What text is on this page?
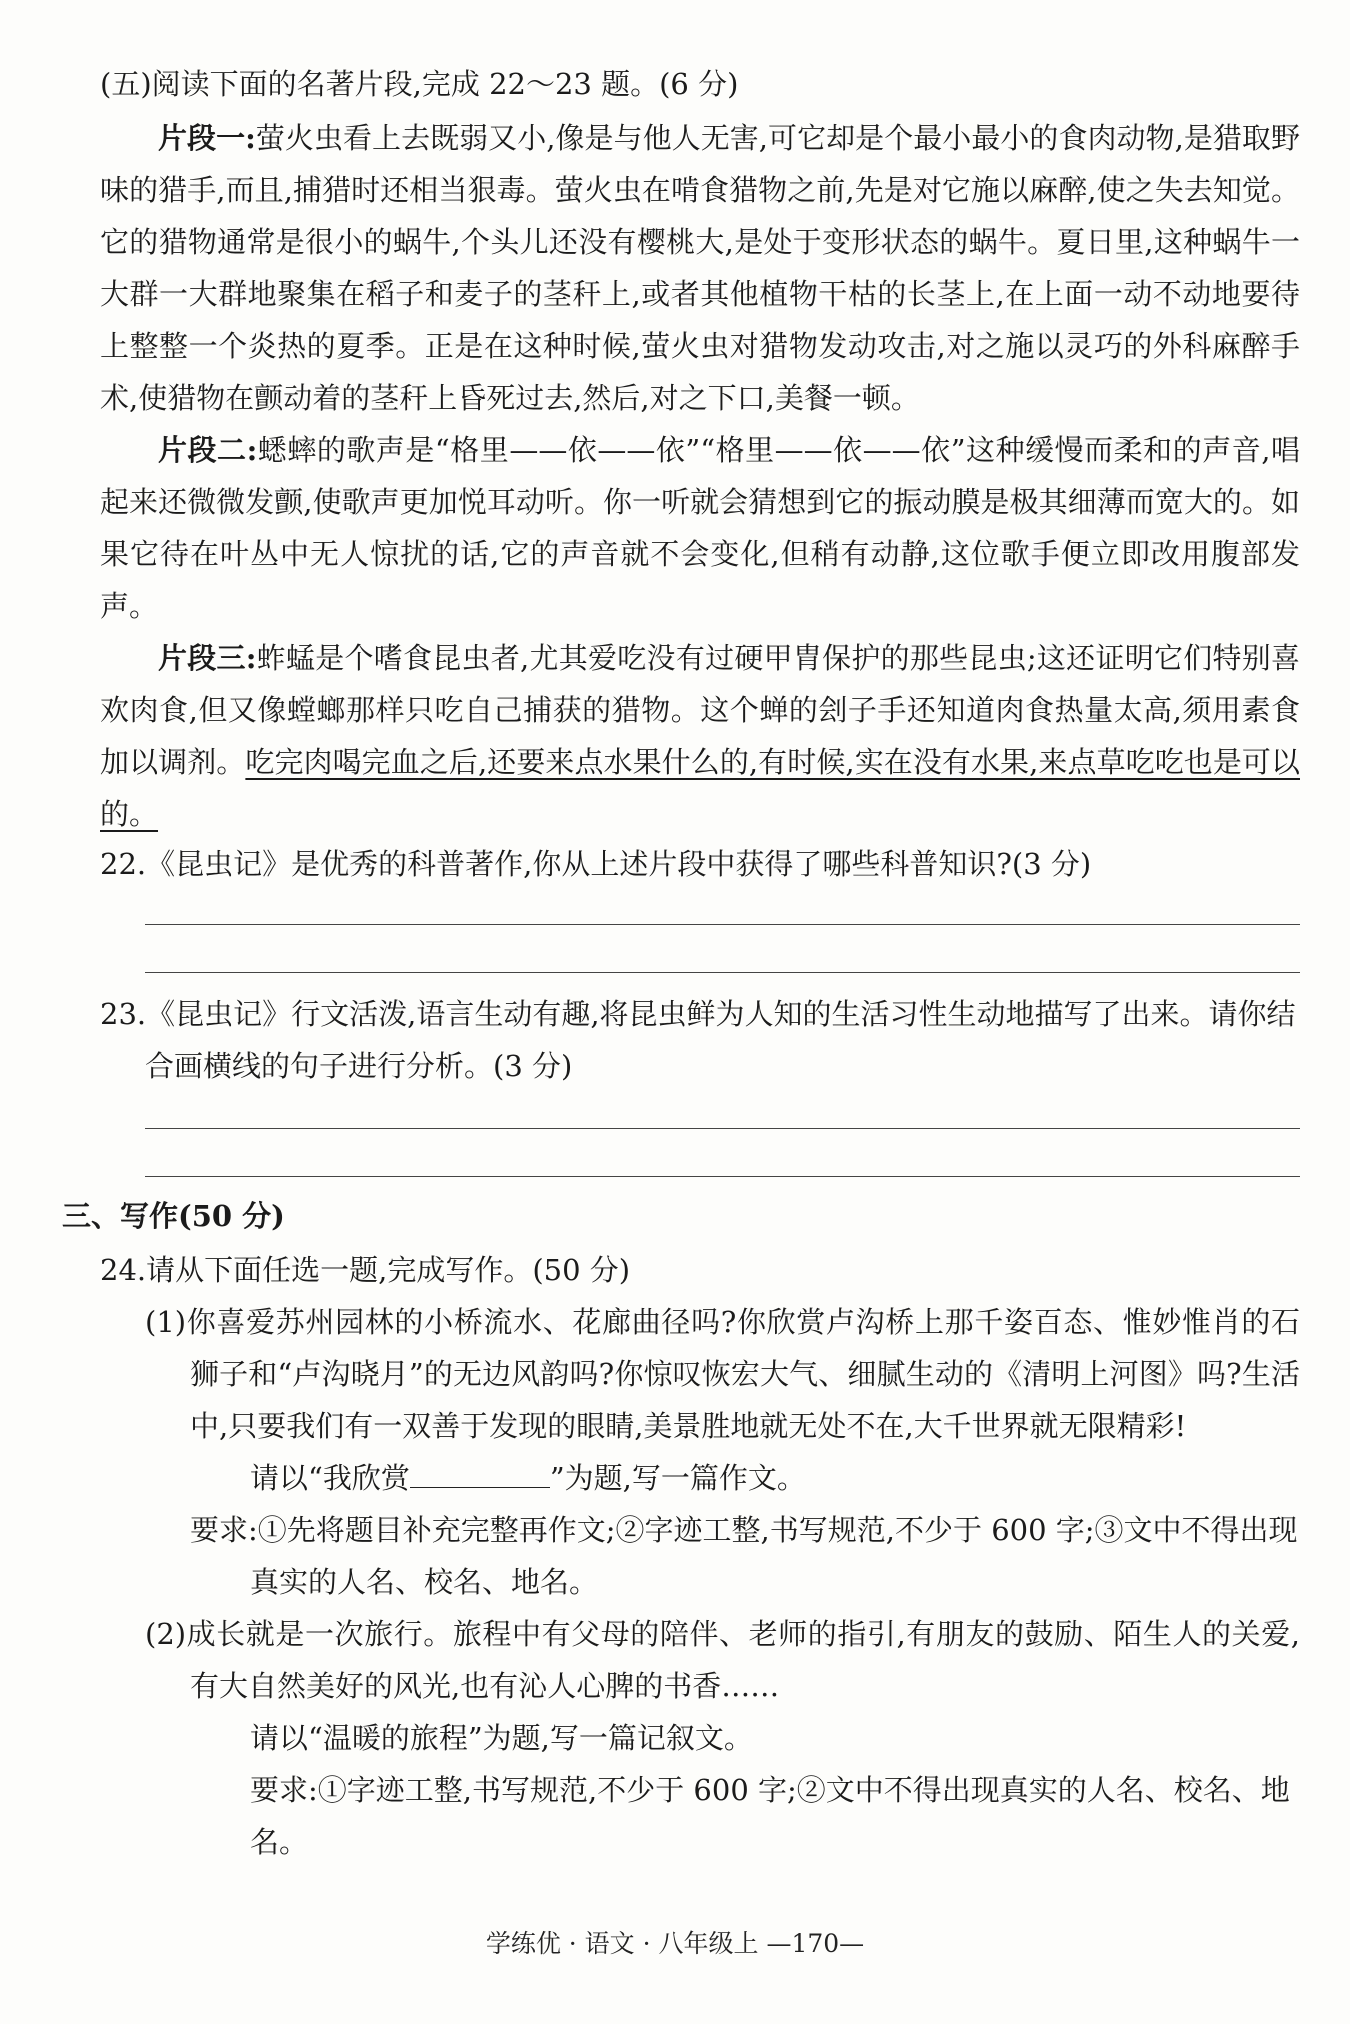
(五)阅读下面的名著片段,完成 22～23 题。(6 分)
片段一:萤火虫看上去既弱又小,像是与他人无害,可它却是个最小最小的食肉动物,是猎取野味的猎手,而且,捕猎时还相当狠毒。萤火虫在啃食猎物之前,先是对它施以麻醉,使之失去知觉。它的猎物通常是很小的蜗牛,个头儿还没有樱桃大,是处于变形状态的蜗牛。夏日里,这种蜗牛一大群一大群地聚集在稻子和麦子的茎秆上,或者其他植物干枯的长茎上,在上面一动不动地要待上整整一个炎热的夏季。正是在这种时候,萤火虫对猎物发动攻击,对之施以灵巧的外科麻醉手术,使猎物在颤动着的茎秆上昏死过去,然后,对之下口,美餐一顿。
片段二:蟋蟀的歌声是“格里——依——依”“格里——依——依”这种缓慢而柔和的声音,唱起来还微微发颤,使歌声更加悦耳动听。你一听就会猜想到它的振动膜是极其细薄而宽大的。如果它待在叶丛中无人惊扰的话,它的声音就不会变化,但稍有动静,这位歌手便立即改用腹部发声。
片段三:蚱蜢是个嗜食昆虫者,尤其爱吃没有过硬甲胄保护的那些昆虫;这还证明它们特别喜欢肉食,但又像螳螂那样只吃自己捕获的猎物。这个蝉的刽子手还知道肉食热量太高,须用素食加以调剂。吃完肉喝完血之后,还要来点水果什么的,有时候,实在没有水果,来点草吃吃也是可以的。
22.《昆虫记》是优秀的科普著作,你从上述片段中获得了哪些科普知识?(3 分)
23.《昆虫记》行文活泼,语言生动有趣,将昆虫鲜为人知的生活习性生动地描写了出来。请你结合画横线的句子进行分析。(3 分)
三、写作(50 分)
24.请从下面任选一题,完成写作。(50 分)
(1)你喜爱苏州园林的小桥流水、花廊曲径吗?你欣赏卢沟桥上那千姿百态、惟妙惟肖的石狮子和“卢沟晓月”的无边风韵吗?你惊叹恢宏大气、细腻生动的《清明上河图》吗?生活中,只要我们有一双善于发现的眼睛,美景胜地就无处不在,大千世界就无限精彩!
请以“我欣赏	”为题,写一篇作文。
要求:①先将题目补充完整再作文;②字迹工整,书写规范,不少于 600 字;③文中不得出现真实的人名、校名、地名。
(2)成长就是一次旅行。旅程中有父母的陪伴、老师的指引,有朋友的鼓励、陌生人的关爱,有大自然美好的风光,也有沁人心脾的书香……
请以“温暖的旅程”为题,写一篇记叙文。
要求:①字迹工整,书写规范,不少于 600 字;②文中不得出现真实的人名、校名、地名。
学练优 · 语文 · 八年级上 —170—
